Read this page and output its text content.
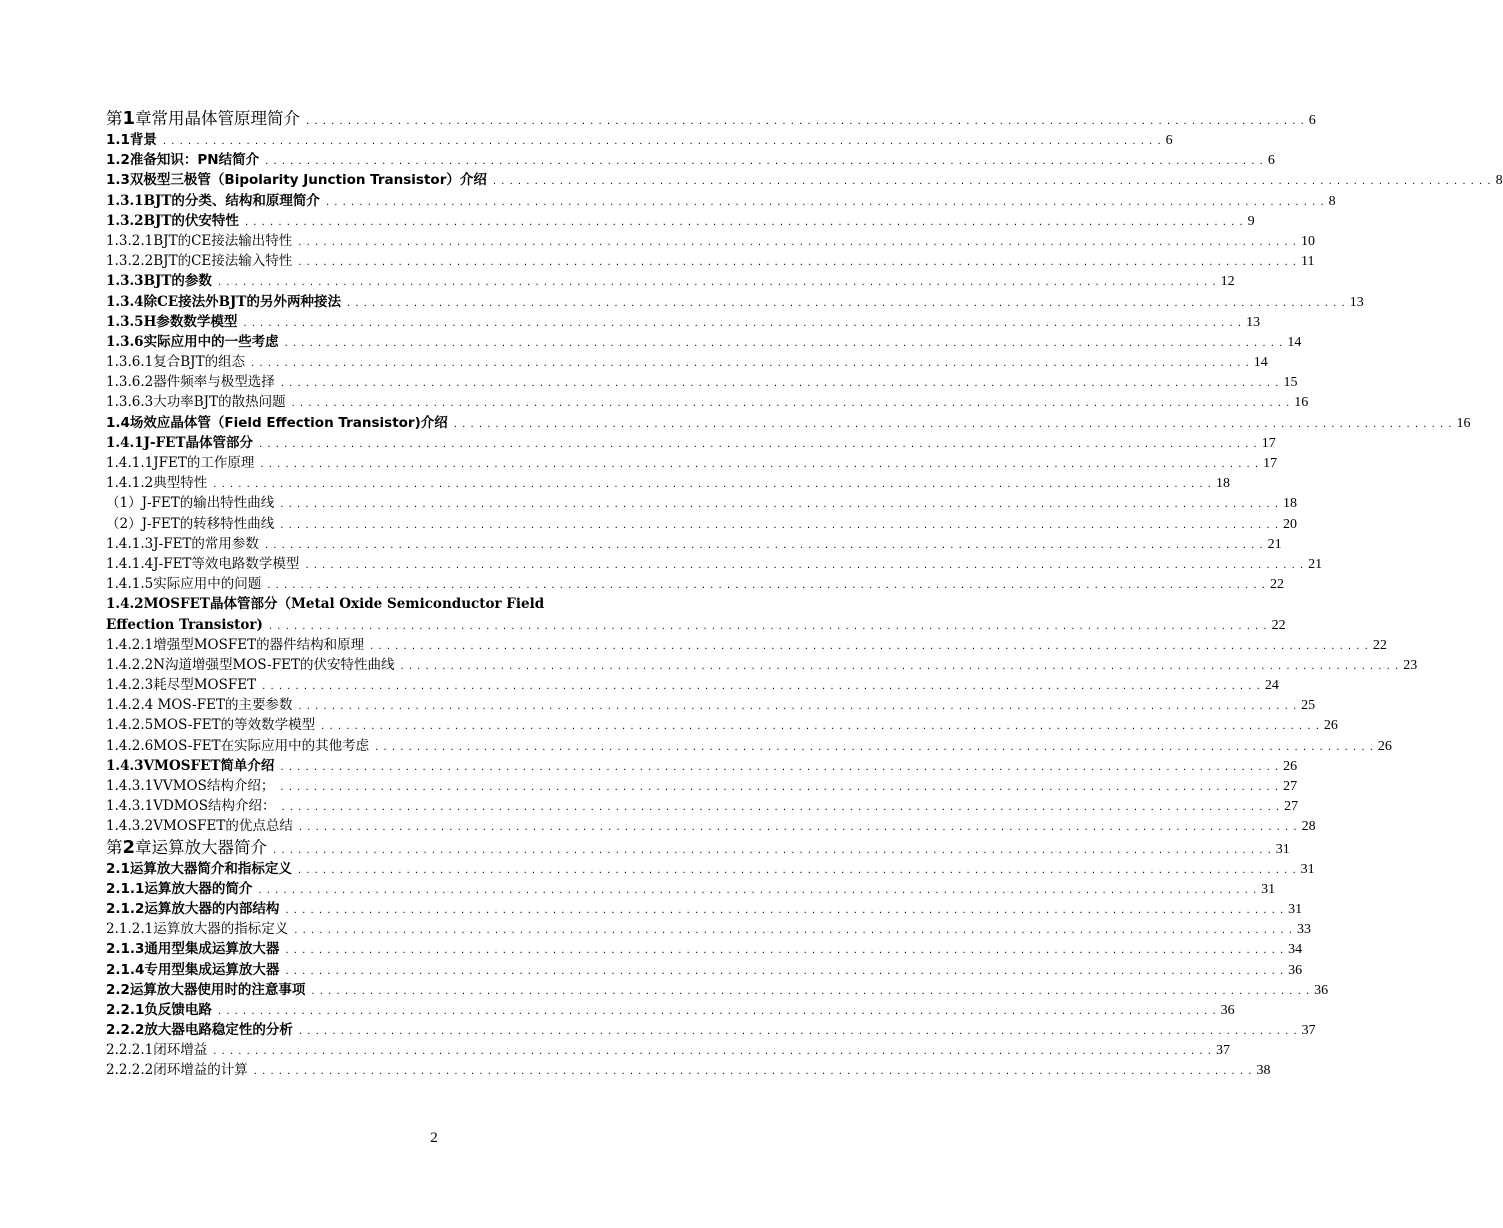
第1章常用晶体管原理简介 . . . . . . . . . . . . . . . . . . . . . . . . . . . . . . . . . . . . . . . . . . . . . . . . . . . . . . . . . . . . . . . . . . . . . . . . . . . . . . . . . . . . . . . . . . . . . . . . . . . . . . . . . . . . . . . . . . . . . . . . 6
1.1背景 . . . . . . . . . . . . . . . . . . . . . . . . . . . . . . . . . . . . . . . . . . . . . . . . . . . . . . . . . . . . . . . . . . . . . . . . . . . . . . . . . . . . . . . . . . . . . . . . . . . . . . . . . . . . . . . . . . . . . . . . 6
1.2准备知识：PN结简介 . . . . . . . . . . . . . . . . . . . . . . . . . . . . . . . . . . . . . . . . . . . . . . . . . . . . . . . . . . . . . . . . . . . . . . . . . . . . . . . . . . . . . . . . . . . . . . . . . . . . . . . . . . . . . . . . . . . . . . . . 6
1.3双极型三极管（Bipolarity Junction Transistor）介绍 . . . . . . . . . . . . . . . . . . . . . . . . . . . . . . . . . . . . . . . . . . . . . . . . . . . . . . . . . . . . . . . . . . . . . . . . . . . . . . . . . . . . . . . . . . . . . . . . . . . . . . . . . . . . . . . . . . . . . . . . 8
1.3.1BJT的分类、结构和原理简介 . . . . . . . . . . . . . . . . . . . . . . . . . . . . . . . . . . . . . . . . . . . . . . . . . . . . . . . . . . . . . . . . . . . . . . . . . . . . . . . . . . . . . . . . . . . . . . . . . . . . . . . . . . . . . . . . . . . . . . . . 8
1.3.2BJT的伏安特性 . . . . . . . . . . . . . . . . . . . . . . . . . . . . . . . . . . . . . . . . . . . . . . . . . . . . . . . . . . . . . . . . . . . . . . . . . . . . . . . . . . . . . . . . . . . . . . . . . . . . . . . . . . . . . . . . . . . . . . . . 9
1.3.2.1BJT的CE接法输出特性 . . . . . . . . . . . . . . . . . . . . . . . . . . . . . . . . . . . . . . . . . . . . . . . . . . . . . . . . . . . . . . . . . . . . . . . . . . . . . . . . . . . . . . . . . . . . . . . . . . . . . . . . . . . . . . . . . . . . . . . . 10
1.3.2.2BJT的CE接法输入特性 . . . . . . . . . . . . . . . . . . . . . . . . . . . . . . . . . . . . . . . . . . . . . . . . . . . . . . . . . . . . . . . . . . . . . . . . . . . . . . . . . . . . . . . . . . . . . . . . . . . . . . . . . . . . . . . . . . . . . . . . 11
1.3.3BJT的参数 . . . . . . . . . . . . . . . . . . . . . . . . . . . . . . . . . . . . . . . . . . . . . . . . . . . . . . . . . . . . . . . . . . . . . . . . . . . . . . . . . . . . . . . . . . . . . . . . . . . . . . . . . . . . . . . . . . . . . . . . 12
1.3.4除CE接法外BJT的另外两种接法 . . . . . . . . . . . . . . . . . . . . . . . . . . . . . . . . . . . . . . . . . . . . . . . . . . . . . . . . . . . . . . . . . . . . . . . . . . . . . . . . . . . . . . . . . . . . . . . . . . . . . . . . . . . . . . . . . . . . . . . . 13
1.3.5H参数数学模型 . . . . . . . . . . . . . . . . . . . . . . . . . . . . . . . . . . . . . . . . . . . . . . . . . . . . . . . . . . . . . . . . . . . . . . . . . . . . . . . . . . . . . . . . . . . . . . . . . . . . . . . . . . . . . . . . . . . . . . . . 13
1.3.6实际应用中的一些考虑 . . . . . . . . . . . . . . . . . . . . . . . . . . . . . . . . . . . . . . . . . . . . . . . . . . . . . . . . . . . . . . . . . . . . . . . . . . . . . . . . . . . . . . . . . . . . . . . . . . . . . . . . . . . . . . . . . . . . . . . . 14
1.3.6.1复合BJT的组态 . . . . . . . . . . . . . . . . . . . . . . . . . . . . . . . . . . . . . . . . . . . . . . . . . . . . . . . . . . . . . . . . . . . . . . . . . . . . . . . . . . . . . . . . . . . . . . . . . . . . . . . . . . . . . . . . . . . . . . . . 14
1.3.6.2器件频率与极型选择 . . . . . . . . . . . . . . . . . . . . . . . . . . . . . . . . . . . . . . . . . . . . . . . . . . . . . . . . . . . . . . . . . . . . . . . . . . . . . . . . . . . . . . . . . . . . . . . . . . . . . . . . . . . . . . . . . . . . . . . . 15
1.3.6.3大功率BJT的散热问题 . . . . . . . . . . . . . . . . . . . . . . . . . . . . . . . . . . . . . . . . . . . . . . . . . . . . . . . . . . . . . . . . . . . . . . . . . . . . . . . . . . . . . . . . . . . . . . . . . . . . . . . . . . . . . . . . . . . . . . . . 16
1.4场效应晶体管（Field Effection Transistor)介绍 . . . . . . . . . . . . . . . . . . . . . . . . . . . . . . . . . . . . . . . . . . . . . . . . . . . . . . . . . . . . . . . . . . . . . . . . . . . . . . . . . . . . . . . . . . . . . . . . . . . . . . . . . . . . . . . . . . . . . . . . 16
1.4.1J-FET晶体管部分 . . . . . . . . . . . . . . . . . . . . . . . . . . . . . . . . . . . . . . . . . . . . . . . . . . . . . . . . . . . . . . . . . . . . . . . . . . . . . . . . . . . . . . . . . . . . . . . . . . . . . . . . . . . . . . . . . . . . . . . . 17
1.4.1.1JFET的工作原理 . . . . . . . . . . . . . . . . . . . . . . . . . . . . . . . . . . . . . . . . . . . . . . . . . . . . . . . . . . . . . . . . . . . . . . . . . . . . . . . . . . . . . . . . . . . . . . . . . . . . . . . . . . . . . . . . . . . . . . . . 17
1.4.1.2典型特性 . . . . . . . . . . . . . . . . . . . . . . . . . . . . . . . . . . . . . . . . . . . . . . . . . . . . . . . . . . . . . . . . . . . . . . . . . . . . . . . . . . . . . . . . . . . . . . . . . . . . . . . . . . . . . . . . . . . . . . . . 18
（1）J-FET的输出特性曲线 . . . . . . . . . . . . . . . . . . . . . . . . . . . . . . . . . . . . . . . . . . . . . . . . . . . . . . . . . . . . . . . . . . . . . . . . . . . . . . . . . . . . . . . . . . . . . . . . . . . . . . . . . . . . . . . . . . . . . . . . 18
（2）J-FET的转移特性曲线 . . . . . . . . . . . . . . . . . . . . . . . . . . . . . . . . . . . . . . . . . . . . . . . . . . . . . . . . . . . . . . . . . . . . . . . . . . . . . . . . . . . . . . . . . . . . . . . . . . . . . . . . . . . . . . . . . . . . . . . . 20
1.4.1.3J-FET的常用参数 . . . . . . . . . . . . . . . . . . . . . . . . . . . . . . . . . . . . . . . . . . . . . . . . . . . . . . . . . . . . . . . . . . . . . . . . . . . . . . . . . . . . . . . . . . . . . . . . . . . . . . . . . . . . . . . . . . . . . . . . 21
1.4.1.4J-FET等效电路数学模型 . . . . . . . . . . . . . . . . . . . . . . . . . . . . . . . . . . . . . . . . . . . . . . . . . . . . . . . . . . . . . . . . . . . . . . . . . . . . . . . . . . . . . . . . . . . . . . . . . . . . . . . . . . . . . . . . . . . . . . . . 21
1.4.1.5实际应用中的问题 . . . . . . . . . . . . . . . . . . . . . . . . . . . . . . . . . . . . . . . . . . . . . . . . . . . . . . . . . . . . . . . . . . . . . . . . . . . . . . . . . . . . . . . . . . . . . . . . . . . . . . . . . . . . . . . . . . . . . . . . 22
1.4.2MOSFET晶体管部分（Metal Oxide Semiconductor Field
Effection Transistor) . . . . . . . . . . . . . . . . . . . . . . . . . . . . . . . . . . . . . . . . . . . . . . . . . . . . . . . . . . . . . . . . . . . . . . . . . . . . . . . . . . . . . . . . . . . . . . . . . . . . . . . . . . . . . . . . . . . . . . . . 22
1.4.2.1增强型MOSFET的器件结构和原理 . . . . . . . . . . . . . . . . . . . . . . . . . . . . . . . . . . . . . . . . . . . . . . . . . . . . . . . . . . . . . . . . . . . . . . . . . . . . . . . . . . . . . . . . . . . . . . . . . . . . . . . . . . . . . . . . . . . . . . . . 22
1.4.2.2N沟道增强型MOS-FET的伏安特性曲线 . . . . . . . . . . . . . . . . . . . . . . . . . . . . . . . . . . . . . . . . . . . . . . . . . . . . . . . . . . . . . . . . . . . . . . . . . . . . . . . . . . . . . . . . . . . . . . . . . . . . . . . . . . . . . . . . . . . . . . . . 23
1.4.2.3耗尽型MOSFET . . . . . . . . . . . . . . . . . . . . . . . . . . . . . . . . . . . . . . . . . . . . . . . . . . . . . . . . . . . . . . . . . . . . . . . . . . . . . . . . . . . . . . . . . . . . . . . . . . . . . . . . . . . . . . . . . . . . . . . . 24
1.4.2.4 MOS-FET的主要参数 . . . . . . . . . . . . . . . . . . . . . . . . . . . . . . . . . . . . . . . . . . . . . . . . . . . . . . . . . . . . . . . . . . . . . . . . . . . . . . . . . . . . . . . . . . . . . . . . . . . . . . . . . . . . . . . . . . . . . . . . 25
1.4.2.5MOS-FET的等效数学模型 . . . . . . . . . . . . . . . . . . . . . . . . . . . . . . . . . . . . . . . . . . . . . . . . . . . . . . . . . . . . . . . . . . . . . . . . . . . . . . . . . . . . . . . . . . . . . . . . . . . . . . . . . . . . . . . . . . . . . . . . 26
1.4.2.6MOS-FET在实际应用中的其他考虑 . . . . . . . . . . . . . . . . . . . . . . . . . . . . . . . . . . . . . . . . . . . . . . . . . . . . . . . . . . . . . . . . . . . . . . . . . . . . . . . . . . . . . . . . . . . . . . . . . . . . . . . . . . . . . . . . . . . . . . . . 26
1.4.3VMOSFET简单介绍 . . . . . . . . . . . . . . . . . . . . . . . . . . . . . . . . . . . . . . . . . . . . . . . . . . . . . . . . . . . . . . . . . . . . . . . . . . . . . . . . . . . . . . . . . . . . . . . . . . . . . . . . . . . . . . . . . . . . . . . . 26
1.4.3.1VVMOS结构介绍； . . . . . . . . . . . . . . . . . . . . . . . . . . . . . . . . . . . . . . . . . . . . . . . . . . . . . . . . . . . . . . . . . . . . . . . . . . . . . . . . . . . . . . . . . . . . . . . . . . . . . . . . . . . . . . . . . . . . . . . . 27
1.4.3.1VDMOS结构介绍： . . . . . . . . . . . . . . . . . . . . . . . . . . . . . . . . . . . . . . . . . . . . . . . . . . . . . . . . . . . . . . . . . . . . . . . . . . . . . . . . . . . . . . . . . . . . . . . . . . . . . . . . . . . . . . . . . . . . . . . . 27
1.4.3.2VMOSFET的优点总结 . . . . . . . . . . . . . . . . . . . . . . . . . . . . . . . . . . . . . . . . . . . . . . . . . . . . . . . . . . . . . . . . . . . . . . . . . . . . . . . . . . . . . . . . . . . . . . . . . . . . . . . . . . . . . . . . . . . . . . . . 28
第2章运算放大器简介 . . . . . . . . . . . . . . . . . . . . . . . . . . . . . . . . . . . . . . . . . . . . . . . . . . . . . . . . . . . . . . . . . . . . . . . . . . . . . . . . . . . . . . . . . . . . . . . . . . . . . . . . . . . . . . . . . . . . . . . . 31
2.1运算放大器简介和指标定义 . . . . . . . . . . . . . . . . . . . . . . . . . . . . . . . . . . . . . . . . . . . . . . . . . . . . . . . . . . . . . . . . . . . . . . . . . . . . . . . . . . . . . . . . . . . . . . . . . . . . . . . . . . . . . . . . . . . . . . . . 31
2.1.1运算放大器的简介 . . . . . . . . . . . . . . . . . . . . . . . . . . . . . . . . . . . . . . . . . . . . . . . . . . . . . . . . . . . . . . . . . . . . . . . . . . . . . . . . . . . . . . . . . . . . . . . . . . . . . . . . . . . . . . . . . . . . . . . . 31
2.1.2运算放大器的内部结构 . . . . . . . . . . . . . . . . . . . . . . . . . . . . . . . . . . . . . . . . . . . . . . . . . . . . . . . . . . . . . . . . . . . . . . . . . . . . . . . . . . . . . . . . . . . . . . . . . . . . . . . . . . . . . . . . . . . . . . . . 31
2.1.2.1运算放大器的指标定义 . . . . . . . . . . . . . . . . . . . . . . . . . . . . . . . . . . . . . . . . . . . . . . . . . . . . . . . . . . . . . . . . . . . . . . . . . . . . . . . . . . . . . . . . . . . . . . . . . . . . . . . . . . . . . . . . . . . . . . . . 33
2.1.3通用型集成运算放大器 . . . . . . . . . . . . . . . . . . . . . . . . . . . . . . . . . . . . . . . . . . . . . . . . . . . . . . . . . . . . . . . . . . . . . . . . . . . . . . . . . . . . . . . . . . . . . . . . . . . . . . . . . . . . . . . . . . . . . . . . 34
2.1.4专用型集成运算放大器 . . . . . . . . . . . . . . . . . . . . . . . . . . . . . . . . . . . . . . . . . . . . . . . . . . . . . . . . . . . . . . . . . . . . . . . . . . . . . . . . . . . . . . . . . . . . . . . . . . . . . . . . . . . . . . . . . . . . . . . . 36
2.2运算放大器使用时的注意事项 . . . . . . . . . . . . . . . . . . . . . . . . . . . . . . . . . . . . . . . . . . . . . . . . . . . . . . . . . . . . . . . . . . . . . . . . . . . . . . . . . . . . . . . . . . . . . . . . . . . . . . . . . . . . . . . . . . . . . . . . 36
2.2.1负反馈电路 . . . . . . . . . . . . . . . . . . . . . . . . . . . . . . . . . . . . . . . . . . . . . . . . . . . . . . . . . . . . . . . . . . . . . . . . . . . . . . . . . . . . . . . . . . . . . . . . . . . . . . . . . . . . . . . . . . . . . . . . 36
2.2.2放大器电路稳定性的分析 . . . . . . . . . . . . . . . . . . . . . . . . . . . . . . . . . . . . . . . . . . . . . . . . . . . . . . . . . . . . . . . . . . . . . . . . . . . . . . . . . . . . . . . . . . . . . . . . . . . . . . . . . . . . . . . . . . . . . . . . 37
2.2.2.1闭环增益 . . . . . . . . . . . . . . . . . . . . . . . . . . . . . . . . . . . . . . . . . . . . . . . . . . . . . . . . . . . . . . . . . . . . . . . . . . . . . . . . . . . . . . . . . . . . . . . . . . . . . . . . . . . . . . . . . . . . . . . . 37
2.2.2.2闭环增益的计算 . . . . . . . . . . . . . . . . . . . . . . . . . . . . . . . . . . . . . . . . . . . . . . . . . . . . . . . . . . . . . . . . . . . . . . . . . . . . . . . . . . . . . . . . . . . . . . . . . . . . . . . . . . . . . . . . . . . . . . . . 38
2
